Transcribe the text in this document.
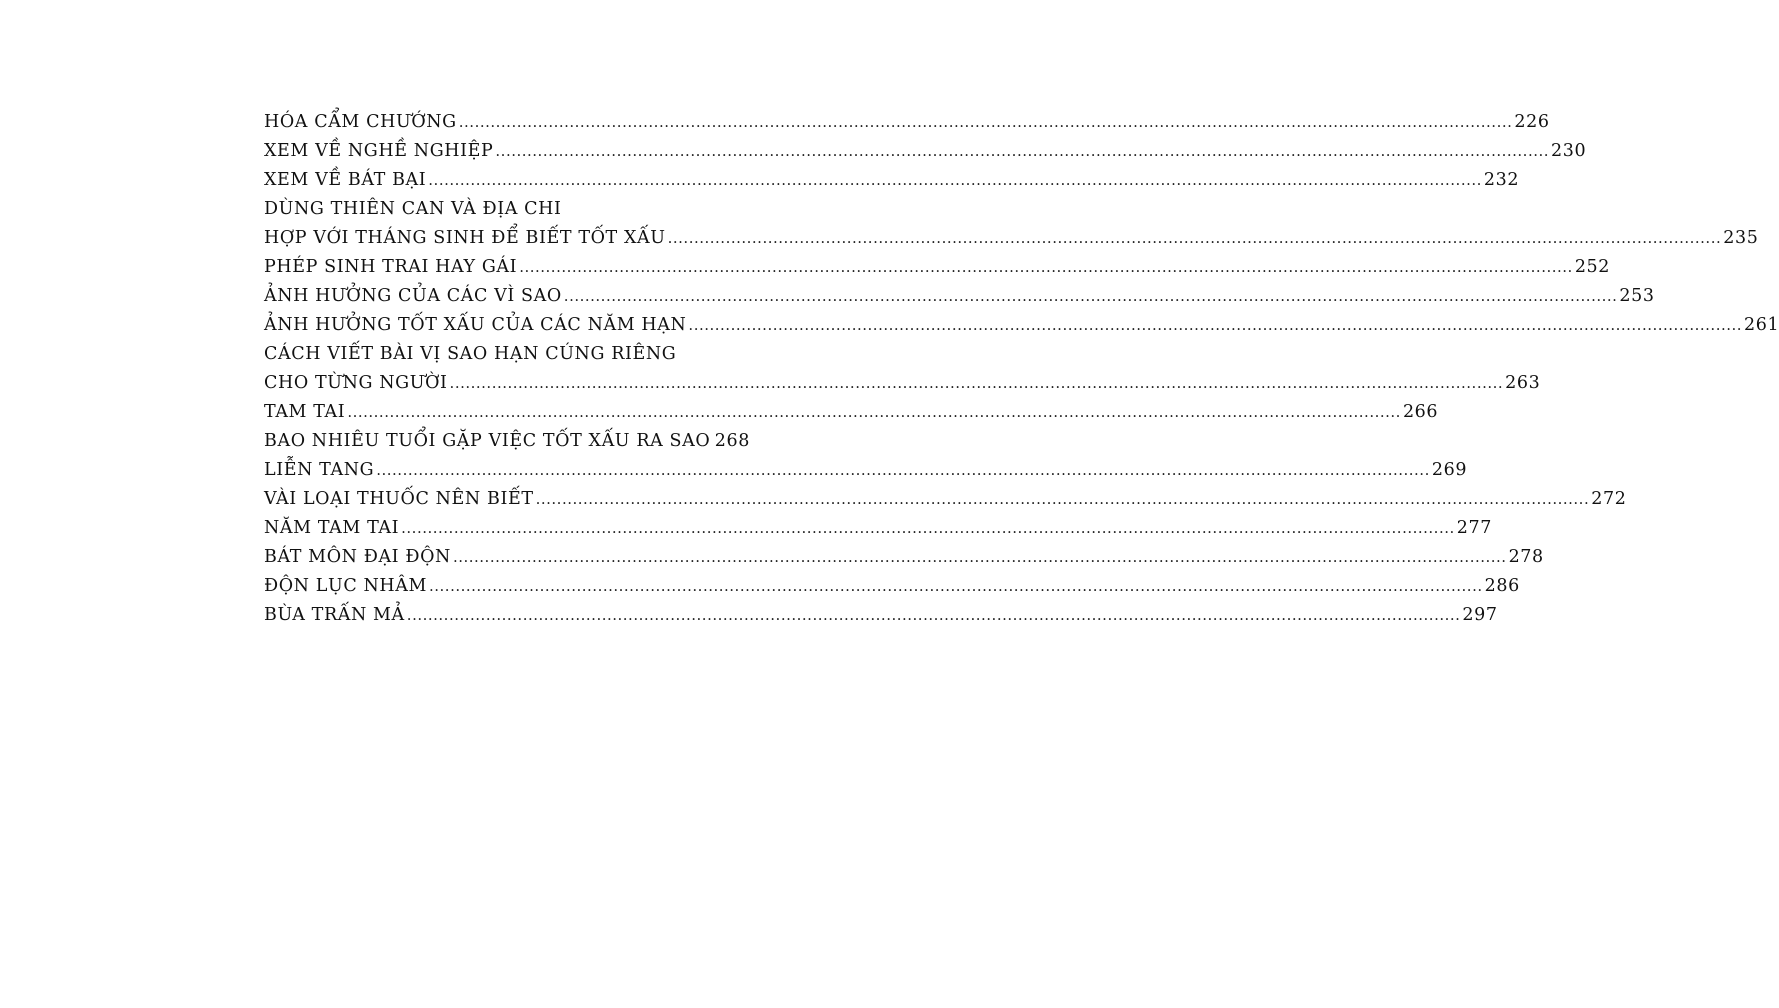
HÓA CẨM CHƯỚNG ........................................................................................................................................................................................................ 226
XEM VỀ NGHỀ NGHIỆP ........................................................................................................................................................................................................ 230
XEM VỀ BÁT BẠI ........................................................................................................................................................................................................ 232
DÙNG THIÊN CAN VÀ ĐỊA CHI
HỢP VỚI THÁNG SINH ĐỂ BIẾT TỐT XẤU ........................................................................................................................................................................................................ 235
PHÉP SINH TRAI HAY GÁI ........................................................................................................................................................................................................ 252
ẢNH HƯỞNG CỦA CÁC VÌ SAO ........................................................................................................................................................................................................ 253
ẢNH HƯỞNG TỐT XẤU CỦA CÁC NĂM HẠN ........................................................................................................................................................................................................ 261
CÁCH VIẾT BÀI VỊ SAO HẠN CÚNG RIÊNG
CHO TỪNG NGƯỜI ........................................................................................................................................................................................................ 263
TAM TAI ........................................................................................................................................................................................................ 266
BAO NHIÊU TUỔI GẶP VIỆC TỐT XẤU RA SAO 268
LIỄN TANG ........................................................................................................................................................................................................ 269
VÀI LOẠI THUỐC NÊN BIẾT ........................................................................................................................................................................................................ 272
NĂM TAM TAI ........................................................................................................................................................................................................ 277
BÁT MÔN ĐẠI ĐỘN ........................................................................................................................................................................................................ 278
ĐỘN LỤC NHÂM ........................................................................................................................................................................................................ 286
BÙA TRẤN MẢ ........................................................................................................................................................................................................ 297
